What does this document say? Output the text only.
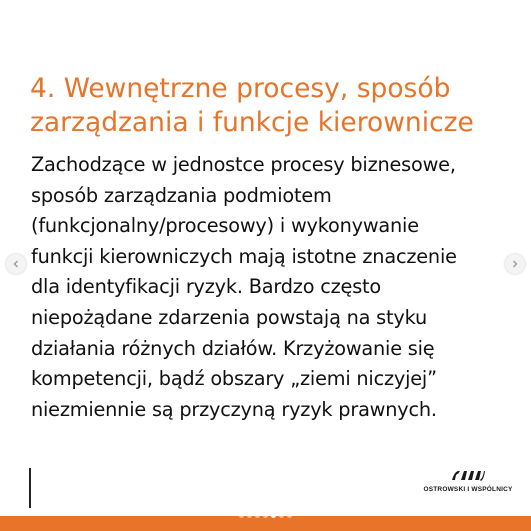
4. Wewnętrzne procesy, sposób
zarządzania i funkcje kierownicze

Zachodzące w jednostce procesy biznesowe,
sposób zarządzania podmiotem
(funkcjonalny/procesowy) i wykonywanie
funkcji kierowniczych mają istotne znaczenie
dla identyfikacji ryzyk. Bardzo często
niepożądane zdarzenia powstają na styku
działania różnych działów. Krzyżowanie się
kompetencji, bądź obszary „ziemi niczyjej”
niezmiennie są przyczyną ryzyk prawnych.

OSTROWSKI I WSPÓLNICY
